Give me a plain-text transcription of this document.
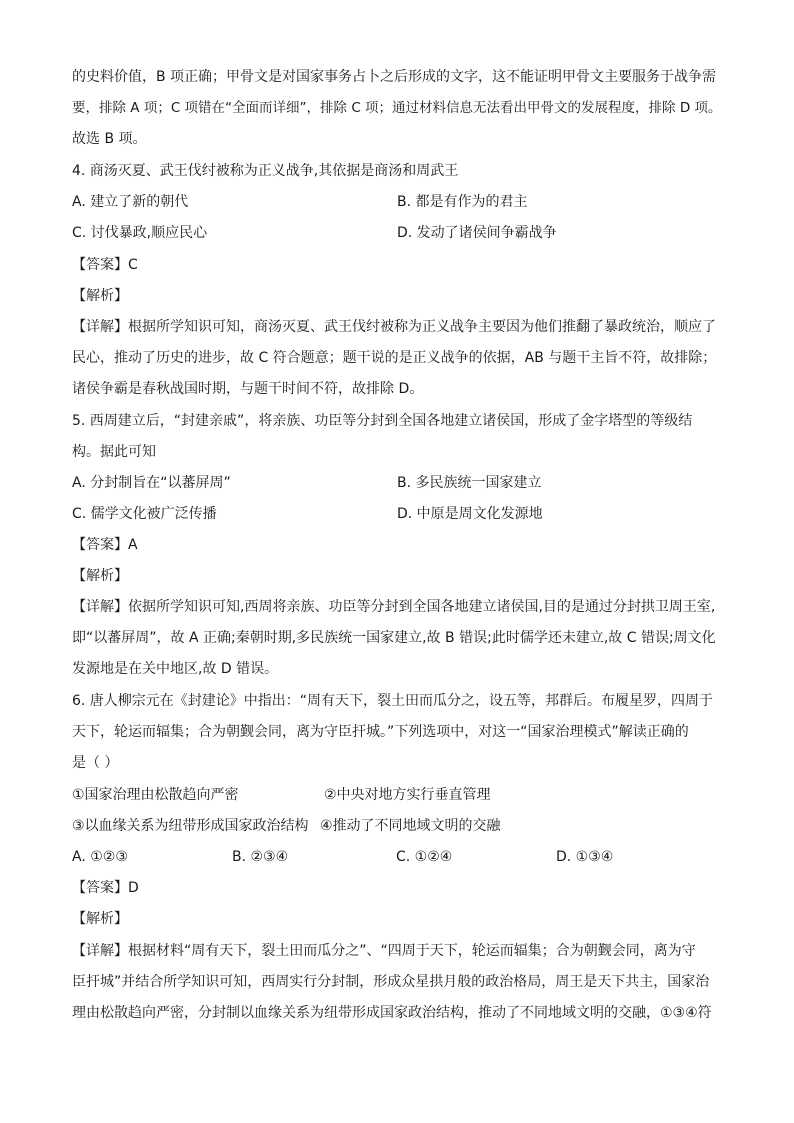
的史料价值，B 项正确；甲骨文是对国家事务占卜之后形成的文字，这不能证明甲骨文主要服务于战争需
要，排除 A 项；C 项错在“全面而详细”，排除 C 项；通过材料信息无法看出甲骨文的发展程度，排除 D 项。
故选 B 项。
4. 商汤灭夏、武王伐纣被称为正义战争,其依据是商汤和周武王
A. 建立了新的朝代	B. 都是有作为的君主
C. 讨伐暴政,顺应民心	D. 发动了诸侯间争霸战争
【答案】C
【解析】
【详解】根据所学知识可知，商汤灭夏、武王伐纣被称为正义战争主要因为他们推翻了暴政统治，顺应了
民心，推动了历史的进步，故 C 符合题意；题干说的是正义战争的依据，AB 与题干主旨不符，故排除；
诸侯争霸是春秋战国时期，与题干时间不符，故排除 D。
5. 西周建立后，“封建亲戚”，将亲族、功臣等分封到全国各地建立诸侯国，形成了金字塔型的等级结
构。据此可知
A. 分封制旨在“以蕃屏周”	B. 多民族统一国家建立
C. 儒学文化被广泛传播	D. 中原是周文化发源地
【答案】A
【解析】
【详解】依据所学知识可知,西周将亲族、功臣等分封到全国各地建立诸侯国,目的是通过分封拱卫周王室,
即“以蕃屏周”，故 A 正确;秦朝时期,多民族统一国家建立,故 B 错误;此时儒学还未建立,故 C 错误;周文化
发源地是在关中地区,故 D 错误。
6. 唐人柳宗元在《封建论》中指出：“周有天下，裂土田而瓜分之，设五等，邦群后。布履星罗，四周于
天下，轮运而辐集；合为朝觐会同，离为守臣扞城。”下列选项中，对这一“国家治理模式”解读正确的
是（ ）
①国家治理由松散趋向严密	②中央对地方实行垂直管理
③以血缘关系为纽带形成国家政治结构 ④推动了不同地域文明的交融
A. ①②③	B. ②③④	C. ①②④	D. ①③④
【答案】D
【解析】
【详解】根据材料“周有天下，裂土田而瓜分之”、“四周于天下，轮运而辐集；合为朝觐会同，离为守
臣扞城”并结合所学知识可知，西周实行分封制，形成众星拱月般的政治格局，周王是天下共主，国家治
理由松散趋向严密，分封制以血缘关系为纽带形成国家政治结构，推动了不同地域文明的交融，①③④符
